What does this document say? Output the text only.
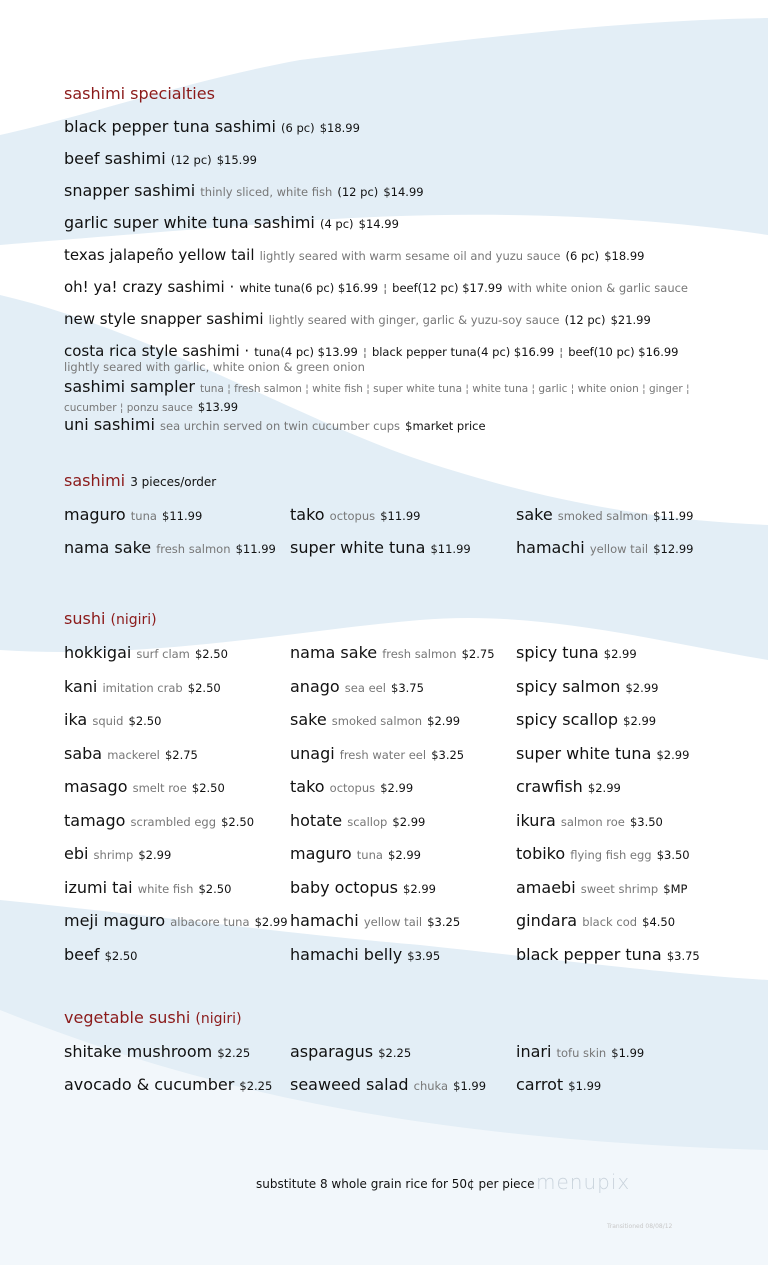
sashimi specialties
black pepper tuna sashimi (6 pc) $18.99
beef sashimi (12 pc) $15.99
snapper sashimi thinly sliced, white fish (12 pc) $14.99
garlic super white tuna sashimi (4 pc) $14.99
texas jalapeño yellow tail lightly seared with warm sesame oil and yuzu sauce (6 pc) $18.99
oh! ya! crazy sashimi · white tuna(6 pc) $16.99 ¦ beef(12 pc) $17.99 with white onion & garlic sauce
new style snapper sashimi lightly seared with ginger, garlic & yuzu-soy sauce (12 pc) $21.99
costa rica style sashimi · tuna(4 pc) $13.99 ¦ black pepper tuna(4 pc) $16.99 ¦ beef(10 pc) $16.99
lightly seared with garlic, white onion & green onion
sashimi sampler tuna ¦ fresh salmon ¦ white fish ¦ super white tuna ¦ white tuna ¦ garlic ¦ white onion ¦ ginger ¦
cucumber ¦ ponzu sauce $13.99
uni sashimi sea urchin served on twin cucumber cups $market price
sashimi 3 pieces/order
sushi (nigiri)
vegetable sushi (nigiri)
maguro tuna $11.99	tako octopus $11.99	sake smoked salmon $11.99
nama sake fresh salmon $11.99 super white tuna $11.99	hamachi yellow tail $12.99
hokkigai surf clam $2.50	nama sake fresh salmon $2.75 spicy tuna $2.99
kani imitation crab $2.50	anago sea eel $3.75	spicy salmon $2.99
ika squid $2.50	sake smoked salmon $2.99	spicy scallop $2.99
saba mackerel $2.75	unagi fresh water eel $3.25	super white tuna $2.99
masago smelt roe $2.50	tako octopus $2.99	crawfish $2.99
tamago scrambled egg $2.50 hotate scallop $2.99	ikura salmon roe $3.50
ebi shrimp $2.99	maguro tuna $2.99	tobiko flying fish egg $3.50
izumi tai white fish $2.50	baby octopus $2.99	amaebi sweet shrimp $MP
meji maguro albacore tuna $2.99 hamachi yellow tail $3.25	gindara black cod $4.50
beef $2.50	hamachi belly $3.95	black pepper tuna $3.75
shitake mushroom $2.25 asparagus $2.25	inari tofu skin $1.99
avocado & cucumber $2.25 seaweed salad chuka $1.99 carrot $1.99
substitute 8 whole grain rice for 50¢ per piece menupix
Transitioned 08/08/12
